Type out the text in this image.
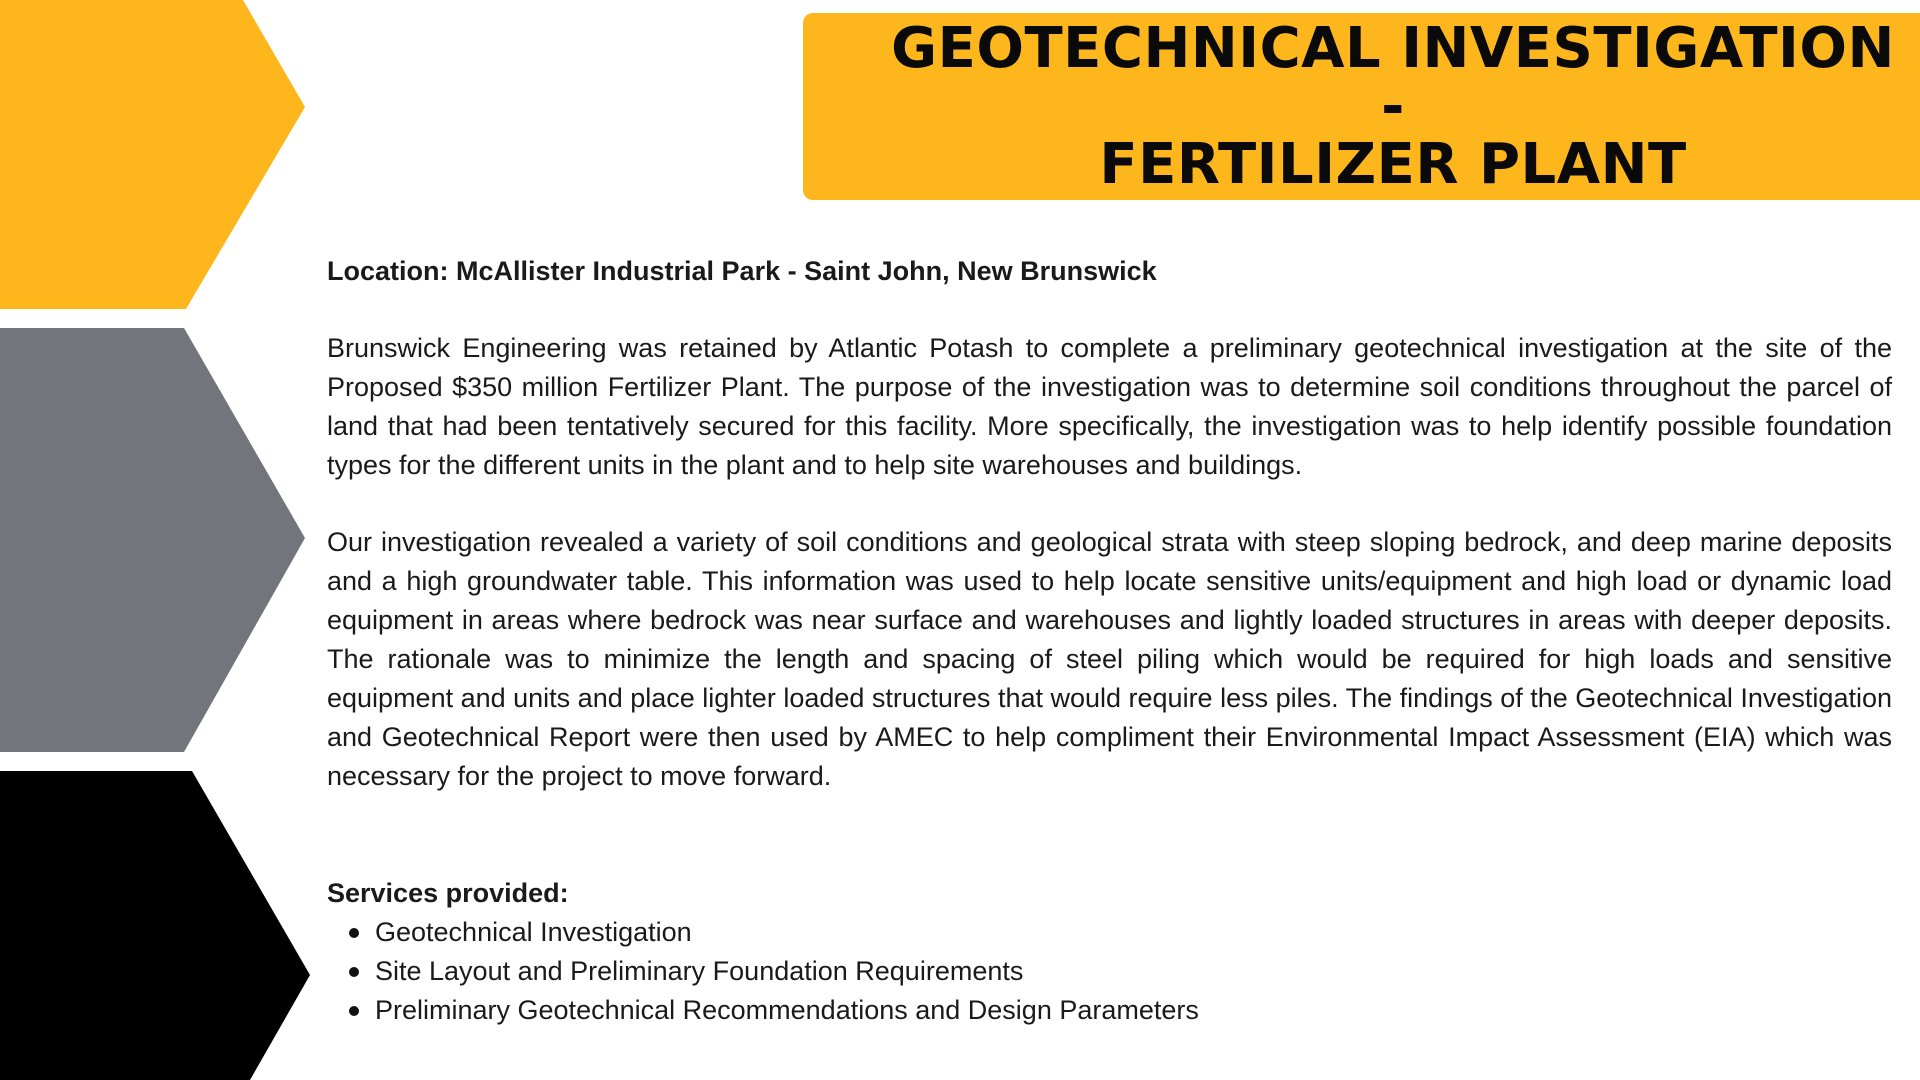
GEOTECHNICAL INVESTIGATION -
FERTILIZER PLANT

Location: McAllister Industrial Park - Saint John, New Brunswick

Brunswick Engineering was retained by Atlantic Potash to complete a preliminary geotechnical investigation at the site of the Proposed $350 million Fertilizer Plant. The purpose of the investigation was to determine soil conditions throughout the parcel of land that had been tentatively secured for this facility. More specifically, the investigation was to help identify possible foundation types for the different units in the plant and to help site warehouses and buildings.

Our investigation revealed a variety of soil conditions and geological strata with steep sloping bedrock, and deep marine deposits and a high groundwater table. This information was used to help locate sensitive units/equipment and high load or dynamic load equipment in areas where bedrock was near surface and warehouses and lightly loaded structures in areas with deeper deposits. The rationale was to minimize the length and spacing of steel piling which would be required for high loads and sensitive equipment and units and place lighter loaded structures that would require less piles. The findings of the Geotechnical Investigation and Geotechnical Report were then used by AMEC to help compliment their Environmental Impact Assessment (EIA) which was necessary for the project to move forward.

Services provided:

Geotechnical Investigation
Site Layout and Preliminary Foundation Requirements
Preliminary Geotechnical Recommendations and Design Parameters
